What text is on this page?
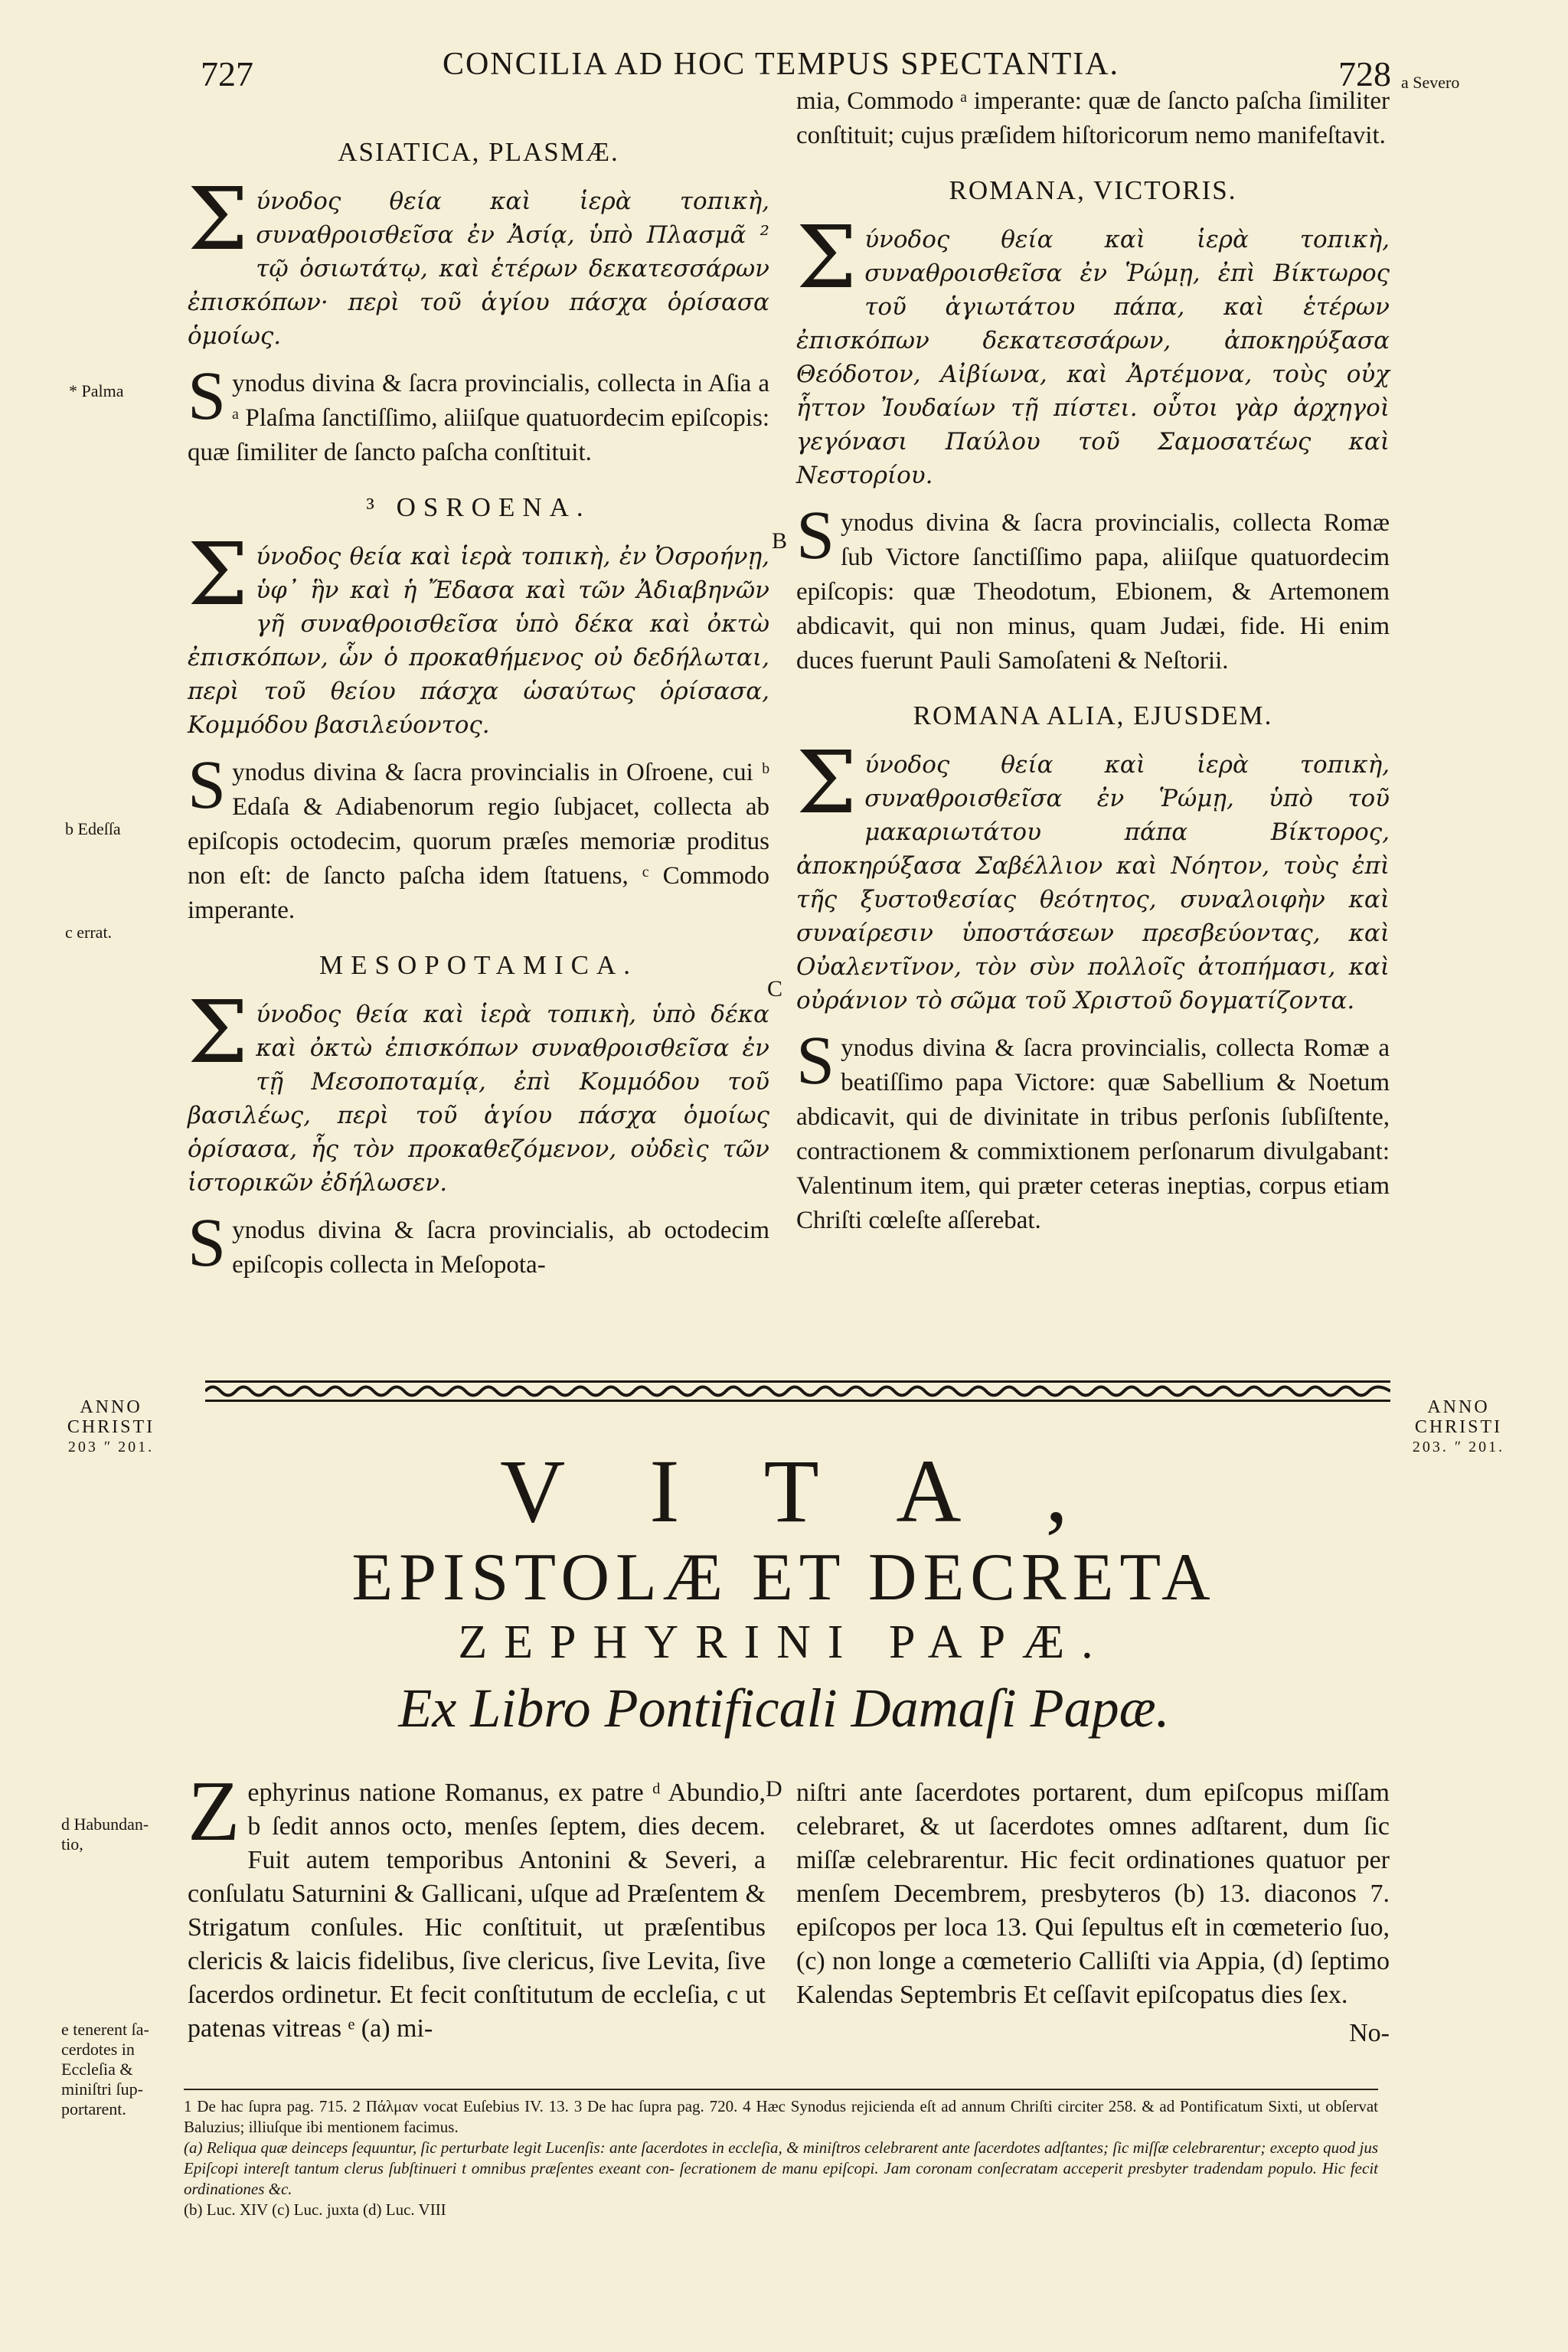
727	CONCILIA AD HOC TEMPUS SPECTANTIA.	728
* Palma
b Edeſſa
c errat.
a Severo
B
C
ASIATICA, PLASMÆ.

Σύνοδος θεία καὶ ἱερὰ τοπικὴ, συναθροισθεῖσα ἐν Ἀσίᾳ, ὑπὸ Πλασμᾶ ² τῷ ὁσιωτάτῳ, καὶ ἑτέρων δεκατεσσάρων ἐπισκόπων· περὶ τοῦ ἁγίου πάσχα ὁρίσασα ὁμοίως.

Synodus divina & ſacra provincialis, collecta in Aſia a ᵃ Plaſma ſanctiſſimo, aliiſque quatuordecim epiſcopis: quæ ſimiliter de ſancto paſcha conſtituit.

³ OSROENA.

Σύνοδος θεία καὶ ἱερὰ τοπικὴ, ἐν Ὀσροήνῃ, ὑφ᾽ ἣν καὶ ἡ Ἔδασα καὶ τῶν Ἀδιαβηνῶν γῆ συναθροισθεῖσα ὑπὸ δέκα καὶ ὀκτὼ ἐπισκόπων, ὧν ὁ προκαθήμενος οὐ δεδήλωται, περὶ τοῦ θείου πάσχα ὡσαύτως ὁρίσασα, Κομμόδου βασιλεύοντος.

Synodus divina & ſacra provincialis in Oſroene, cui ᵇ Edaſa & Adiabenorum regio ſubjacet, collecta ab epiſcopis octodecim, quorum præſes memoriæ proditus non eſt: de ſancto paſcha idem ſtatuens, ᶜ Commodo imperante.

MESOPOTAMICA.

Σύνοδος θεία καὶ ἱερὰ τοπικὴ, ὑπὸ δέκα καὶ ὀκτὼ ἐπισκόπων συναθροισθεῖσα ἐν τῇ Μεσοποταμίᾳ, ἐπὶ Κομμόδου τοῦ βασιλέως, περὶ τοῦ ἁγίου πάσχα ὁμοίως ὁρίσασα, ἧς τὸν προκαθεζόμενον, οὐδεὶς τῶν ἱστορικῶν ἐδήλωσεν.

Synodus divina & ſacra provincialis, ab octodecim epiſcopis collecta in Meſopota-

mia, Commodo ᵃ imperante: quæ de ſancto paſcha ſimiliter conſtituit; cujus præſidem hiſtoricorum nemo manifeſtavit.

ROMANA, VICTORIS.

Σύνοδος θεία καὶ ἱερὰ τοπικὴ, συναθροισθεῖσα ἐν Ῥώμῃ, ἐπὶ Βίκτωρος τοῦ ἁγιωτάτου πάπα, καὶ ἑτέρων ἐπισκόπων δεκατεσσάρων, ἀποκηρύξασα Θεόδοτον, Αἰβίωνα, καὶ Ἀρτέμονα, τοὺς οὐχ ἧττον Ἰουδαίων τῇ πίστει. οὗτοι γὰρ ἀρχηγοὶ γεγόνασι Παύλου τοῦ Σαμοσατέως καὶ Νεστορίου.

Synodus divina & ſacra provincialis, collecta Romæ ſub Victore ſanctiſſimo papa, aliiſque quatuordecim epiſcopis: quæ Theodotum, Ebionem, & Artemonem abdicavit, qui non minus, quam Judæi, fide. Hi enim duces fuerunt Pauli Samoſateni & Neſtorii.

ROMANA ALIA, EJUSDEM.

Σύνοδος θεία καὶ ἱερὰ τοπικὴ, συναθροισθεῖσα ἐν Ῥώμῃ, ὑπὸ τοῦ μακαριωτάτου πάπα Βίκτορος, ἀποκηρύξασα Σαβέλλιον καὶ Νόητον, τοὺς ἐπὶ τῆς ξυστοϑεσίας θεότητος, συναλοιφὴν καὶ συναίρεσιν ὑποστάσεων πρεσβεύοντας, καὶ Οὐαλεντῖνον, τὸν σὺν πολλοῖς ἀτοπήμασι, καὶ οὐράνιον τὸ σῶμα τοῦ Χριστοῦ δογματίζοντα.

Synodus divina & ſacra provincialis, collecta Romæ a beatiſſimo papa Victore: quæ Sabellium & Noetum abdicavit, qui de divinitate in tribus perſonis ſubſiſtente, contractionem & commixtionem perſonarum divulgabant: Valentinum item, qui præter ceteras ineptias, corpus etiam Chriſti cœleſte aſſerebat.

ANNO
CHRISTI
203 ʺ 201.
ANNO
CHRISTI
203. ʺ 201.
VITA,
EPISTOLÆ ET DECRETA
ZEPHYRINI PAPÆ.
Ex Libro Pontificali Damaſi Papæ.
d Habundan-tio,
e tenerent ſa-cerdotes in Eccleſia & miniſtri ſup-portarent.
D

Zephyrinus natione Romanus, ex patre ᵈ Abundio, b ſedit annos octo, menſes ſeptem, dies decem. Fuit autem temporibus Antonini & Severi, a conſulatu Saturnini & Gallicani, uſque ad Præſentem & Strigatum conſules. Hic conſtituit, ut præſentibus clericis & laicis fidelibus, ſive clericus, ſive Levita, ſive ſacerdos ordinetur. Et fecit conſtitutum de eccleſia, c ut patenas vitreas ᵉ (a) mi-

niſtri ante ſacerdotes portarent, dum epiſcopus miſſam celebraret, & ut ſacerdotes omnes adſtarent, dum ſic miſſæ celebrarentur. Hic fecit ordinationes quatuor per menſem Decembrem, presbyteros (b) 13. diaconos 7. epiſcopos per loca 13. Qui ſepultus eſt in cœmeterio ſuo, (c) non longe a cœmeterio Calliſti via Appia, (d) ſeptimo Kalendas Septembris Et ceſſavit epiſcopatus dies ſex.

No-
1 De hac ſupra pag. 715. 2 Πάλμαν vocat Euſebius IV. 13. 3 De hac ſupra pag. 720. 4 Hæc Synodus rejicienda eſt ad annum Chriſti circiter 258. & ad Pontificatum Sixti, ut obſervat Baluzius; illiuſque ibi mentionem facimus.
(a) Reliqua quæ deinceps ſequuntur, ſic perturbate legit Lucenſis: ante ſacerdotes in eccleſia, & miniſtros celebrarent ante ſacerdotes adſtantes; ſic miſſæ celebrarentur; excepto quod jus Epiſcopi intereſt tantum clerus ſubſtinueri t omnibus præſentes exeant con- ſecrationem de manu epiſcopi. Jam coronam conſecratam acceperit presbyter tradendam populo. Hic fecit ordinationes &c.
(b) Luc. XIV (c) Luc. juxta (d) Luc. VIII
